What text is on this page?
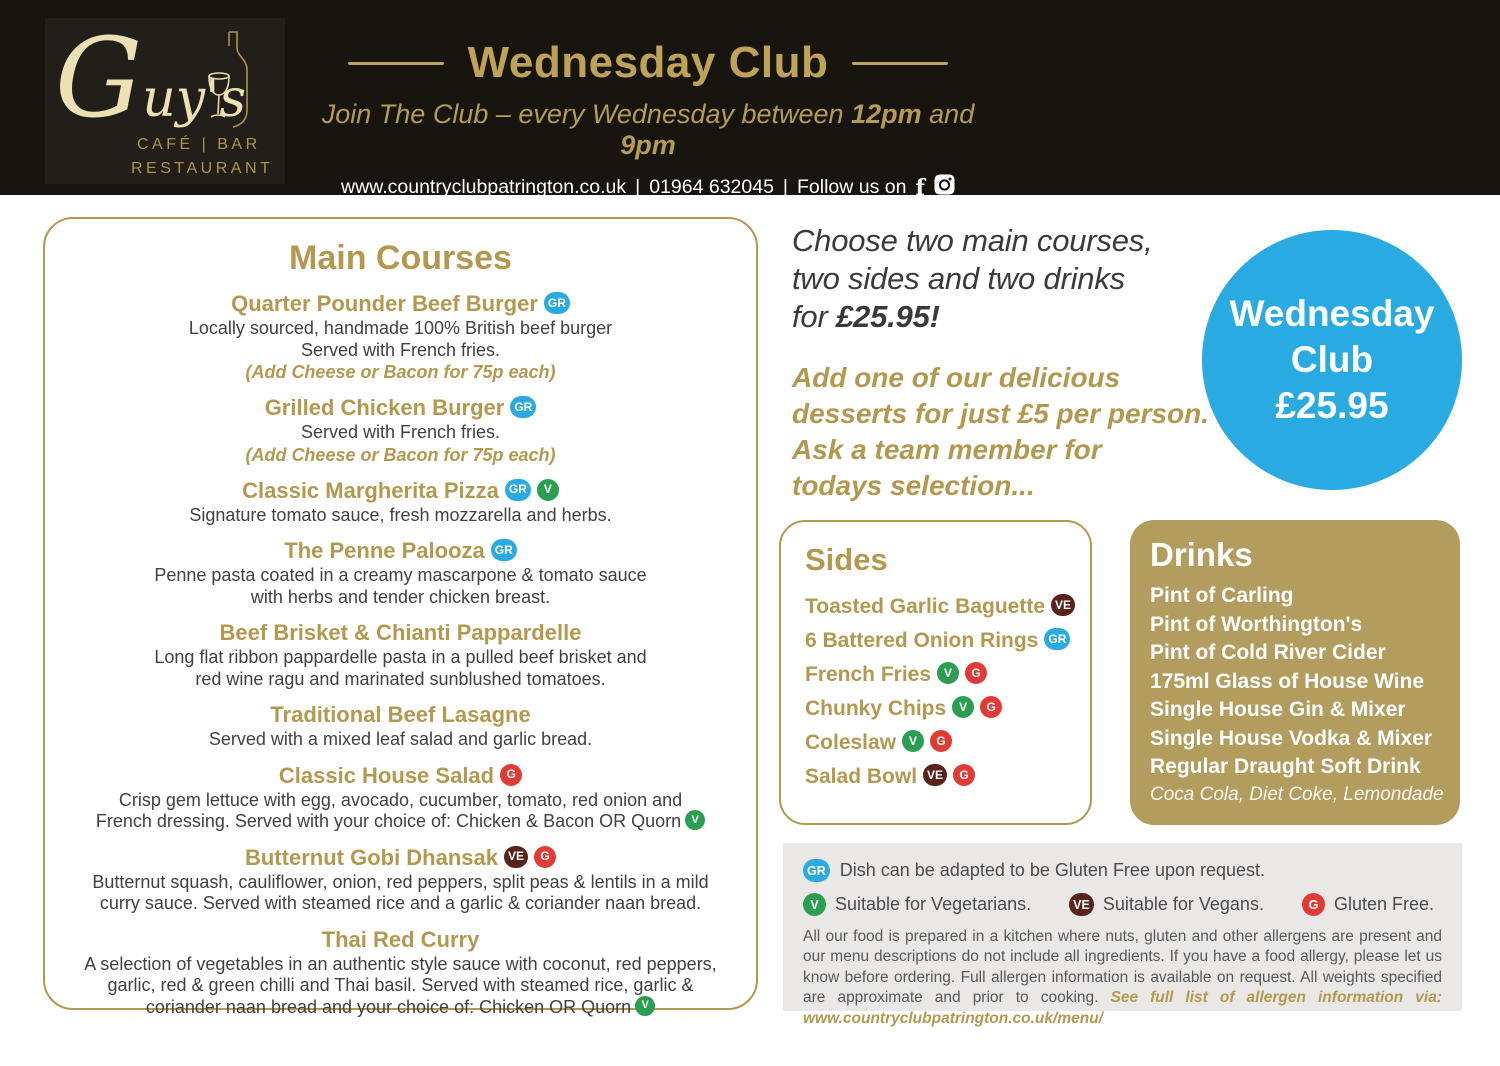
Guy's
CAFÉ | BAR
RESTAURANT
Wednesday Club
Join The Club – every Wednesday between 12pm and 9pm
www.countryclubpatrington.co.uk | 01964 632045 | Follow us on f
Main Courses
Quarter Pounder Beef Burger GR
Locally sourced, handmade 100% British beef burger
Served with French fries.
(Add Cheese or Bacon for 75p each)
Grilled Chicken Burger GR
Served with French fries.
(Add Cheese or Bacon for 75p each)
Classic Margherita Pizza GR V
Signature tomato sauce, fresh mozzarella and herbs.
The Penne Palooza GR
Penne pasta coated in a creamy mascarpone & tomato sauce
with herbs and tender chicken breast.
Beef Brisket & Chianti Pappardelle
Long flat ribbon pappardelle pasta in a pulled beef brisket and
red wine ragu and marinated sunblushed tomatoes.
Traditional Beef Lasagne
Served with a mixed leaf salad and garlic bread.
Classic House Salad G
Crisp gem lettuce with egg, avocado, cucumber, tomato, red onion and
French dressing. Served with your choice of: Chicken & Bacon OR Quorn V
Butternut Gobi Dhansak VE G
Butternut squash, cauliflower, onion, red peppers, split peas & lentils in a mild
curry sauce. Served with steamed rice and a garlic & coriander naan bread.
Thai Red Curry
A selection of vegetables in an authentic style sauce with coconut, red peppers,
garlic, red & green chilli and Thai basil. Served with steamed rice, garlic &
coriander naan bread and your choice of: Chicken OR Quorn V
Choose two main courses,
two sides and two drinks
for £25.95!
Add one of our delicious
desserts for just £5 per person.
Ask a team member for
todays selection...
Wednesday
Club
£25.95
Sides
Toasted Garlic Baguette VE
6 Battered Onion Rings GR
French Fries V G
Chunky Chips V G
Coleslaw V G
Salad Bowl VE G
Drinks
Pint of Carling
Pint of Worthington's
Pint of Cold River Cider
175ml Glass of House Wine
Single House Gin & Mixer
Single House Vodka & Mixer
Regular Draught Soft Drink
Coca Cola, Diet Coke, Lemondade
GR Dish can be adapted to be Gluten Free upon request.
V Suitable for Vegetarians.	VE Suitable for Vegans.	G Gluten Free.

All our food is prepared in a kitchen where nuts, gluten and other allergens are present and our menu descriptions do not include all ingredients. If you have a food allergy, please let us know before ordering. Full allergen information is available on request. All weights specified are approximate and prior to cooking. See full list of allergen information via: www.countryclubpatrington.co.uk/menu/
